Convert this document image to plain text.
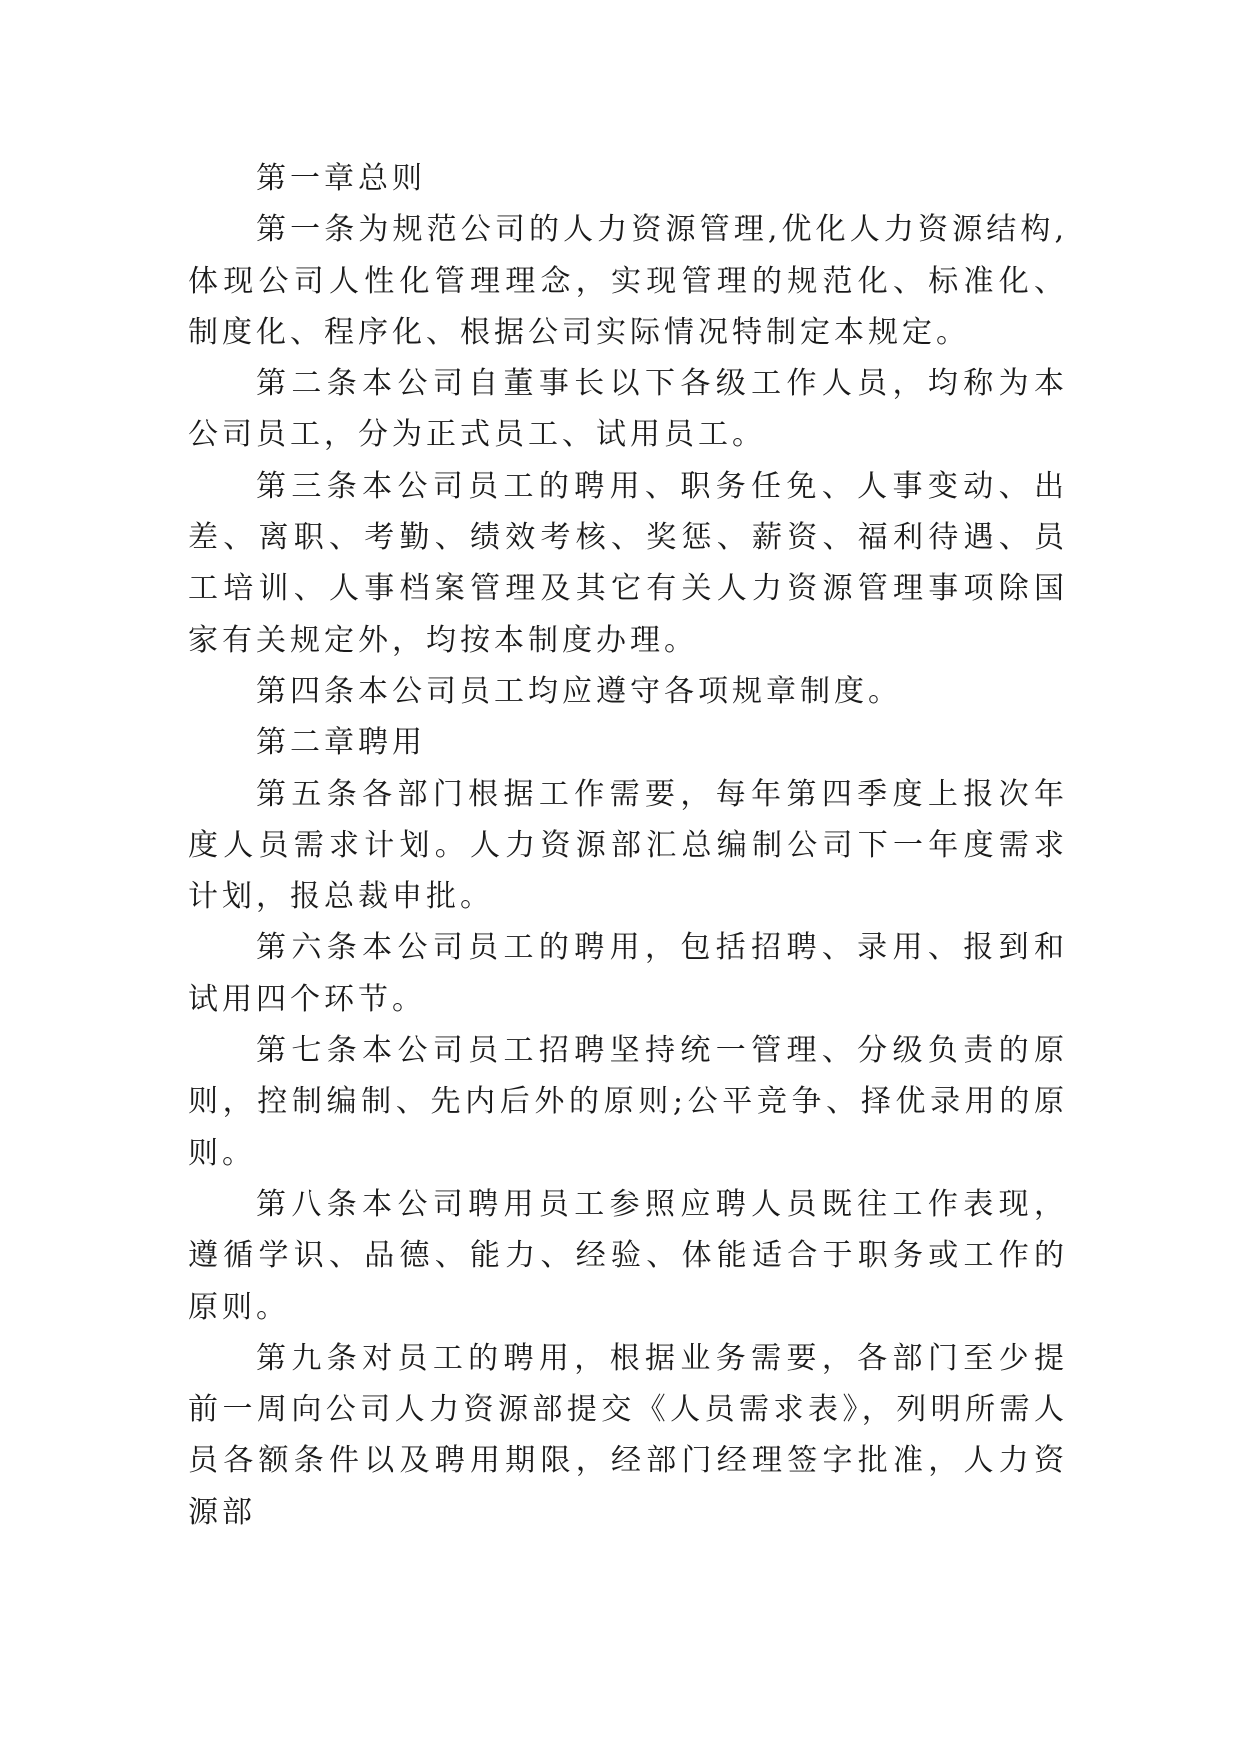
第一章总则

第一条为规范公司的人力资源管理,优化人力资源结构,体现公司人性化管理理念，实现管理的规范化、标准化、制度化、程序化、根据公司实际情况特制定本规定。

第二条本公司自董事长以下各级工作人员，均称为本公司员工，分为正式员工、试用员工。

第三条本公司员工的聘用、职务任免、人事变动、出差、离职、考勤、绩效考核、奖惩、薪资、福利待遇、员工培训、人事档案管理及其它有关人力资源管理事项除国家有关规定外，均按本制度办理。

第四条本公司员工均应遵守各项规章制度。

第二章聘用

第五条各部门根据工作需要，每年第四季度上报次年度人员需求计划。人力资源部汇总编制公司下一年度需求计划，报总裁申批。

第六条本公司员工的聘用，包括招聘、录用、报到和试用四个环节。

第七条本公司员工招聘坚持统一管理、分级负责的原则，控制编制、先内后外的原则;公平竞争、择优录用的原则。

第八条本公司聘用员工参照应聘人员既往工作表现，遵循学识、品德、能力、经验、体能适合于职务或工作的原则。

第九条对员工的聘用，根据业务需要，各部门至少提前一周向公司人力资源部提交《人员需求表》，列明所需人员各额条件以及聘用期限，经部门经理签字批准，人力资源部
